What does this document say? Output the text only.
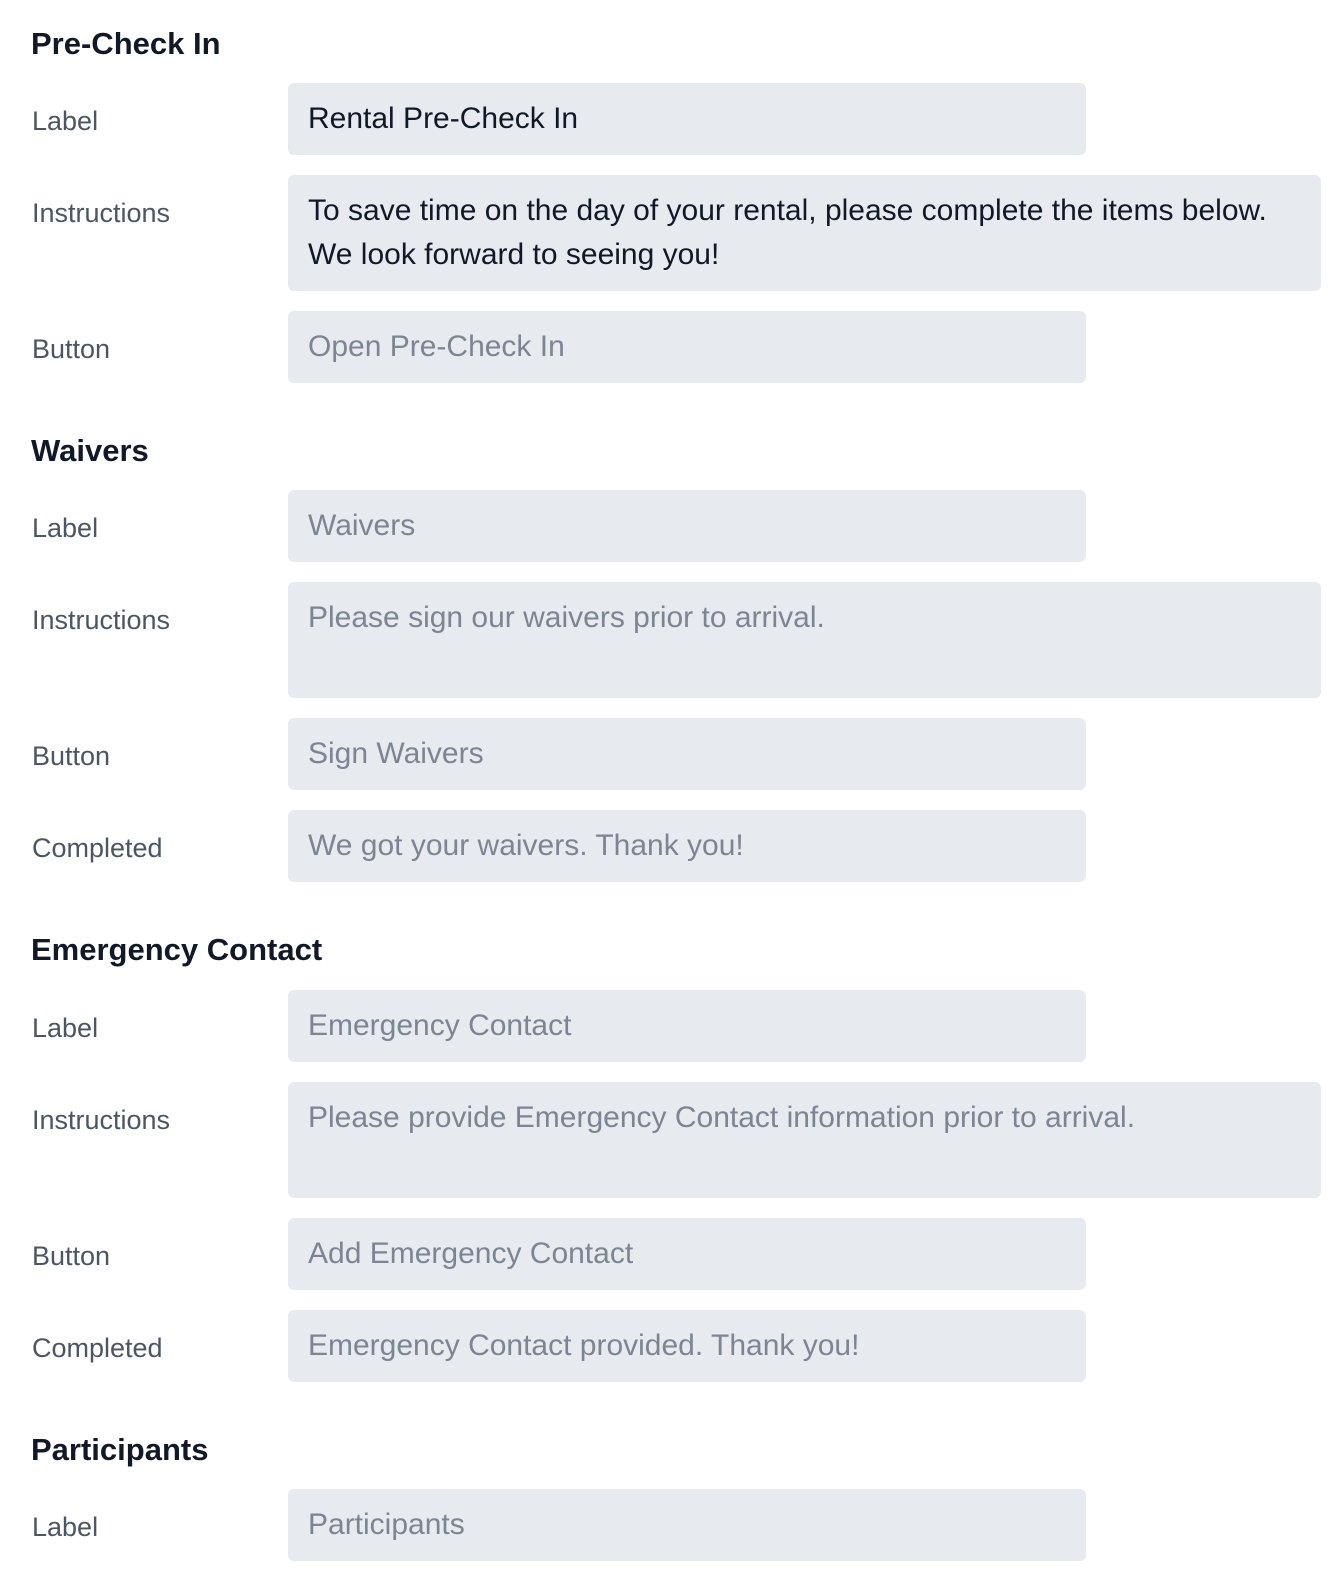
Pre-Check In
Label
Rental Pre-Check In
Instructions
To save time on the day of your rental, please complete the items below. We look forward to seeing you!
Button
Open Pre-Check In
Waivers
Label
Waivers
Instructions
Please sign our waivers prior to arrival.
Button
Sign Waivers
Completed
We got your waivers. Thank you!
Emergency Contact
Label
Emergency Contact
Instructions
Please provide Emergency Contact information prior to arrival.
Button
Add Emergency Contact
Completed
Emergency Contact provided. Thank you!
Participants
Label
Participants
